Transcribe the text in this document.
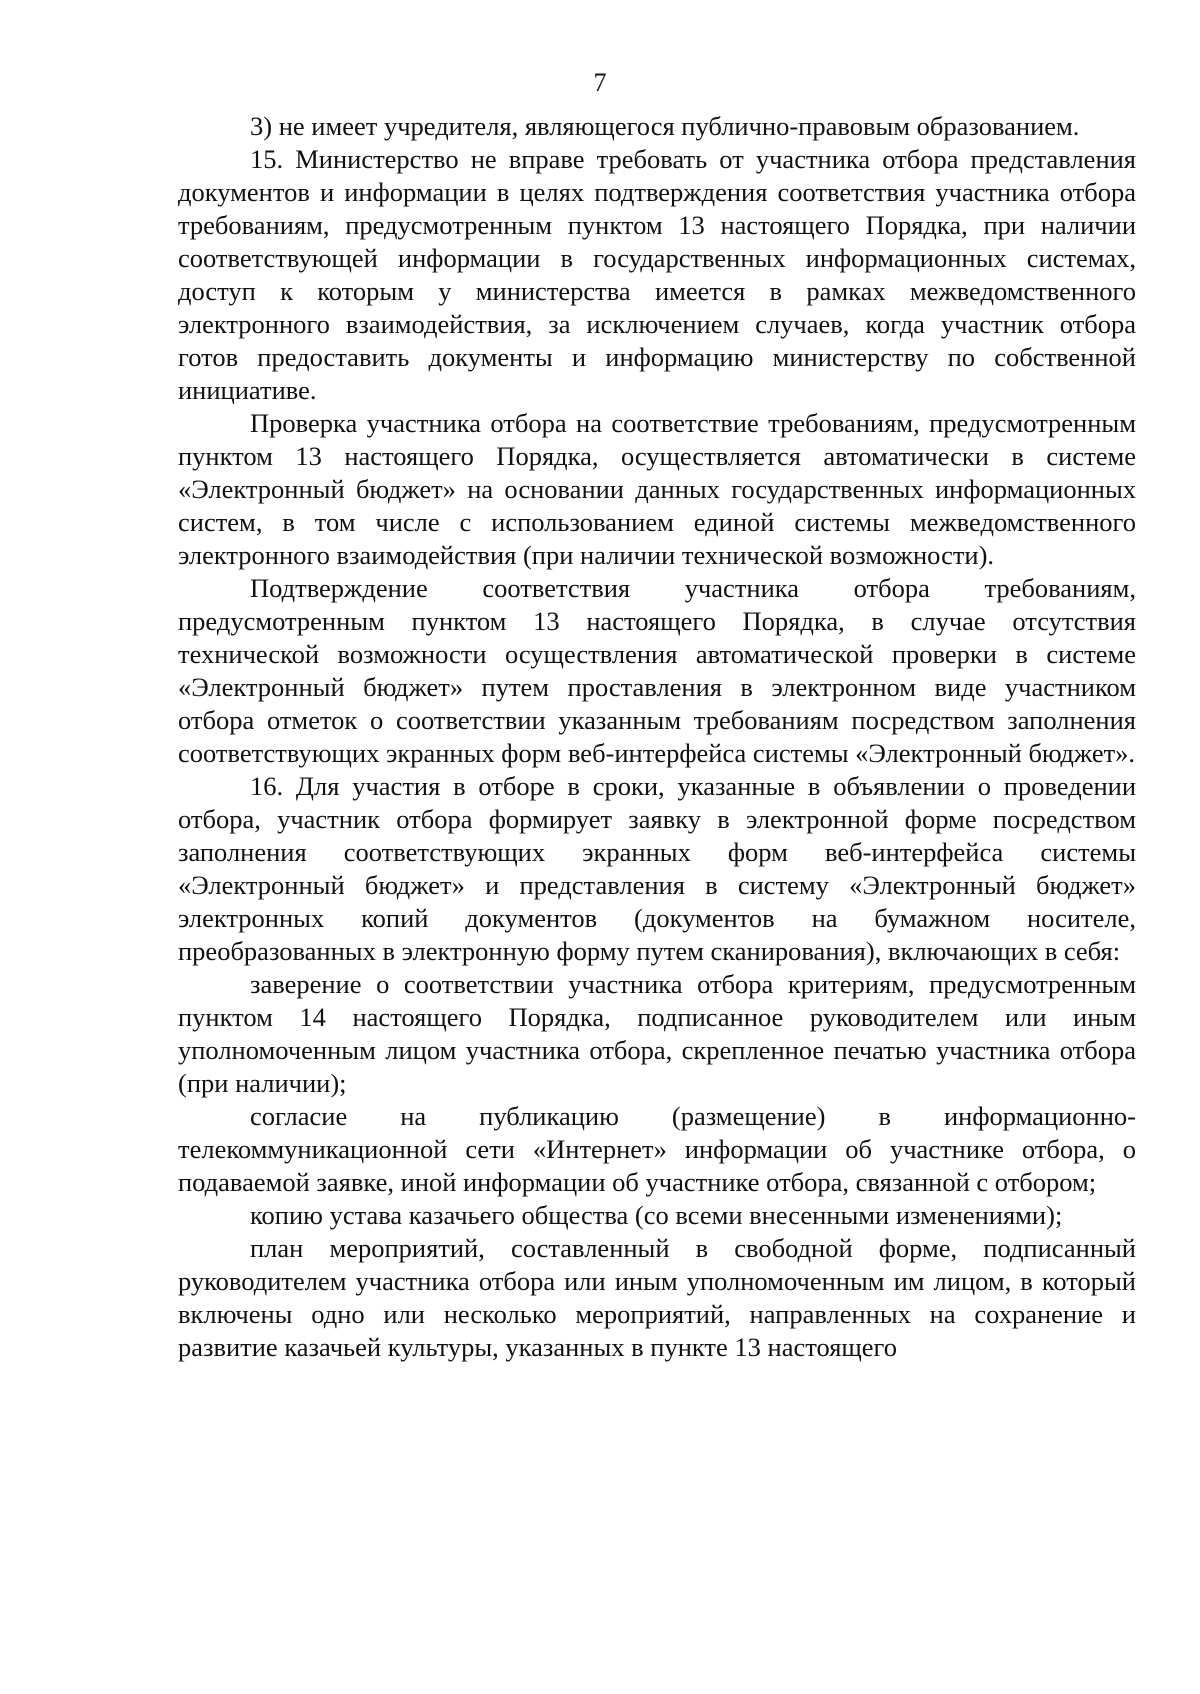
7

3) не имеет учредителя, являющегося публично-правовым образованием.

15. Министерство не вправе требовать от участника отбора представления документов и информации в целях подтверждения соответствия участника отбора требованиям, предусмотренным пунктом 13 настоящего Порядка, при наличии соответствующей информации в государственных информационных системах, доступ к которым у министерства имеется в рамках межведомственного электронного взаимодействия, за исключением случаев, когда участник отбора готов предоставить документы и информацию министерству по собственной инициативе.

Проверка участника отбора на соответствие требованиям, предусмотренным пунктом 13 настоящего Порядка, осуществляется автоматически в системе «Электронный бюджет» на основании данных государственных информационных систем, в том числе с использованием единой системы межведомственного электронного взаимодействия (при наличии технической возможности).

Подтверждение соответствия участника отбора требованиям, предусмотренным пунктом 13 настоящего Порядка, в случае отсутствия технической возможности осуществления автоматической проверки в системе «Электронный бюджет» путем проставления в электронном виде участником отбора отметок о соответствии указанным требованиям посредством заполнения соответствующих экранных форм веб-интерфейса системы «Электронный бюджет».

16. Для участия в отборе в сроки, указанные в объявлении о проведении отбора, участник отбора формирует заявку в электронной форме посредством заполнения соответствующих экранных форм веб-интерфейса системы «Электронный бюджет» и представления в систему «Электронный бюджет» электронных копий документов (документов на бумажном носителе, преобразованных в электронную форму путем сканирования), включающих в себя:

заверение о соответствии участника отбора критериям, предусмотренным пунктом 14 настоящего Порядка, подписанное руководителем или иным уполномоченным лицом участника отбора, скрепленное печатью участника отбора (при наличии);

согласие на публикацию (размещение) в информационно-телекоммуникационной сети «Интернет» информации об участнике отбора, о подаваемой заявке, иной информации об участнике отбора, связанной с отбором;

копию устава казачьего общества (со всеми внесенными изменениями);

план мероприятий, составленный в свободной форме, подписанный руководителем участника отбора или иным уполномоченным им лицом, в который включены одно или несколько мероприятий, направленных на сохранение и развитие казачьей культуры, указанных в пункте 13 настоящего
